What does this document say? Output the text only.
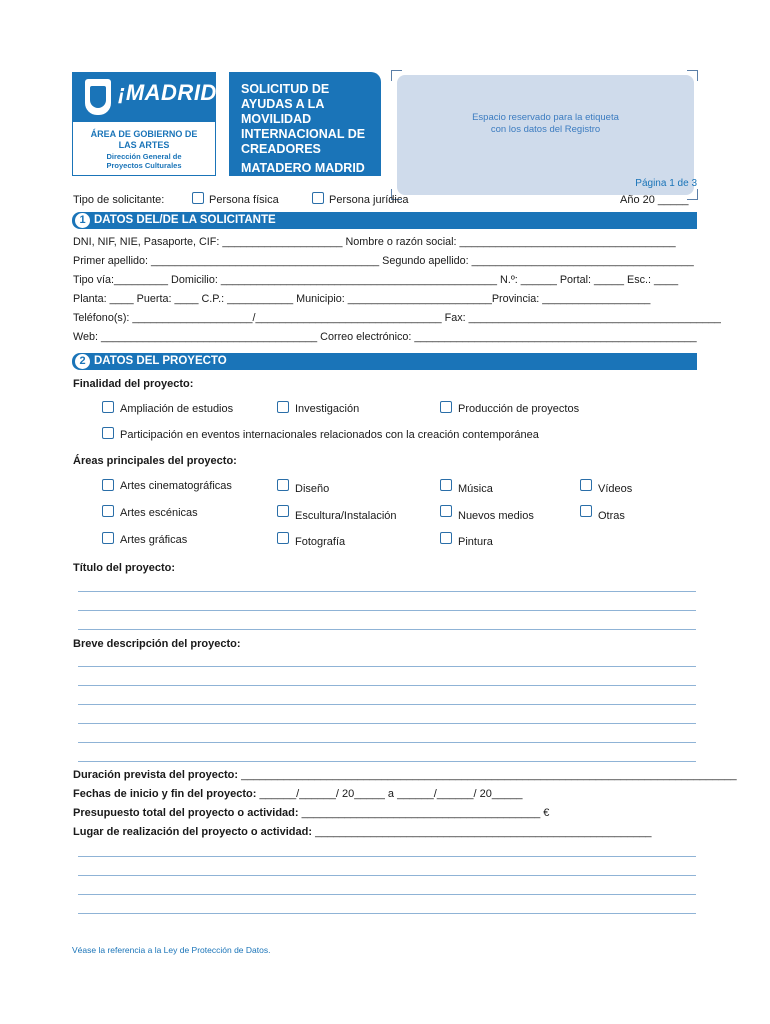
¡MADRID!
ÁREA DE GOBIERNO DE
LAS ARTES
Dirección General de
Proyectos Culturales
SOLICITUD DE
AYUDAS A LA
MOVILIDAD
INTERNACIONAL DE
CREADORES
MATADERO MADRID
Espacio reservado para la etiqueta
con los datos del Registro
Página 1 de 3
Tipo de solicitante:	Persona física	Persona jurídica	Año 20 _____
1 DATOS DEL/DE LA SOLICITANTE
DNI, NIF, NIE, Pasaporte, CIF: ____________________ Nombre o razón social: ____________________________________
Primer apellido: ______________________________________ Segundo apellido: _____________________________________
Tipo vía:_________ Domicilio: ______________________________________________ N.º: ______ Portal: _____ Esc.: ____
Planta: ____ Puerta: ____ C.P.: ___________ Municipio: ________________________Provincia: __________________
Teléfono(s): ____________________/_______________________________ Fax: __________________________________________
Web: ____________________________________ Correo electrónico: _______________________________________________
2 DATOS DEL PROYECTO
Finalidad del proyecto:
Ampliación de estudios	Investigación	Producción de proyectos
Participación en eventos internacionales relacionados con la creación contemporánea
Áreas principales del proyecto:
Artes cinematográficas	Diseño	Música	Vídeos
Artes escénicas	Escultura/Instalación	Nuevos medios	Otras
Artes gráficas	Fotografía	Pintura
Título del proyecto:
Breve descripción del proyecto:
Duración prevista del proyecto: _________________________________________________________________________________
Fechas de inicio y fin del proyecto: ______/______/ 20_____ a ______/______/ 20_____
Presupuesto total del proyecto o actividad: _______________________________________ €
Lugar de realización del proyecto o actividad: _______________________________________________________
Véase la referencia a la Ley de Protección de Datos.
